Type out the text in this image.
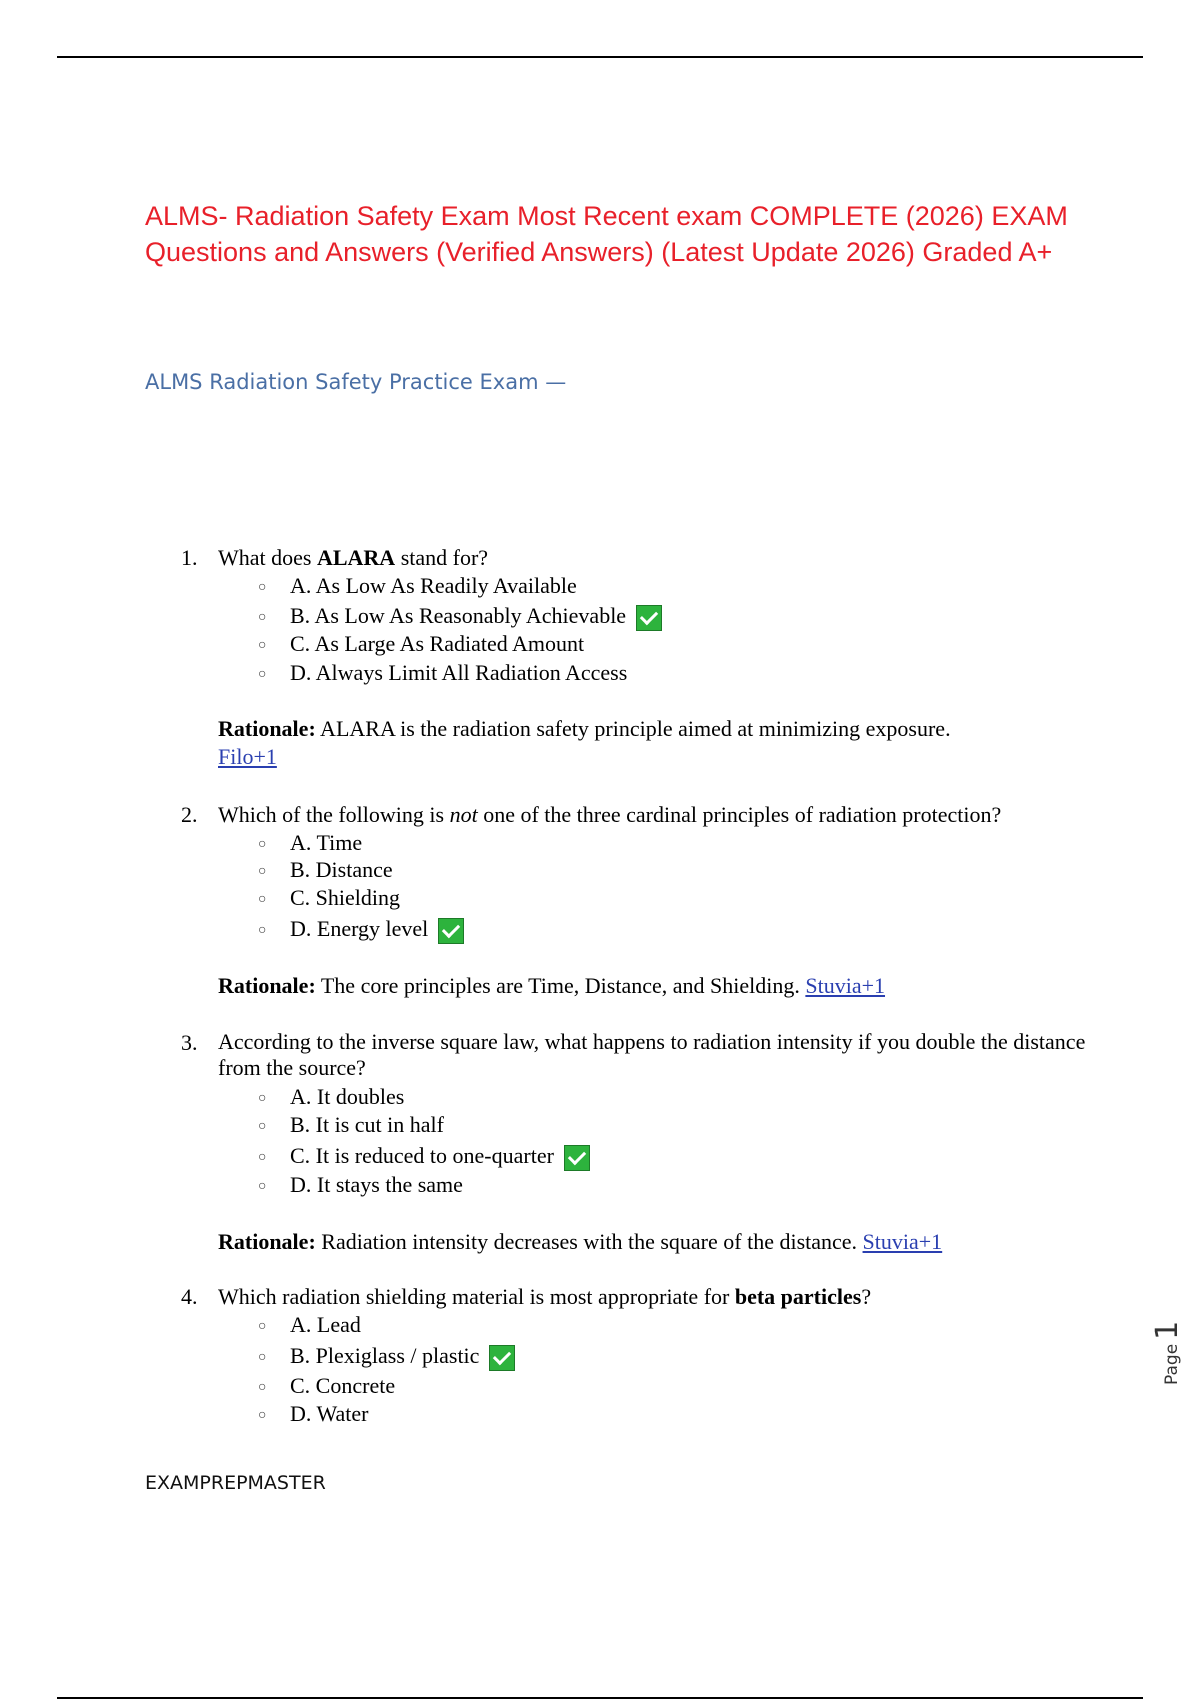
ALMS- Radiation Safety Exam Most Recent exam COMPLETE (2026) EXAM Questions and Answers (Verified Answers) (Latest Update 2026) Graded A+
ALMS Radiation Safety Practice Exam —
1. What does ALARA stand for?
○ A. As Low As Readily Available
○ B. As Low As Reasonably Achievable
○ C. As Large As Radiated Amount
○ D. Always Limit All Radiation Access
Rationale: ALARA is the radiation safety principle aimed at minimizing exposure.
Filo+1
2. Which of the following is not one of the three cardinal principles of radiation protection?
○ A. Time
○ B. Distance
○ C. Shielding
○ D. Energy level
Rationale: The core principles are Time, Distance, and Shielding. Stuvia+1
3. According to the inverse square law, what happens to radiation intensity if you double the distance from the source?
○ A. It doubles
○ B. It is cut in half
○ C. It is reduced to one-quarter
○ D. It stays the same
Rationale: Radiation intensity decreases with the square of the distance. Stuvia+1
4. Which radiation shielding material is most appropriate for beta particles?
○ A. Lead
○ B. Plexiglass / plastic
○ C. Concrete
○ D. Water
EXAMPREPMASTER
Page1
